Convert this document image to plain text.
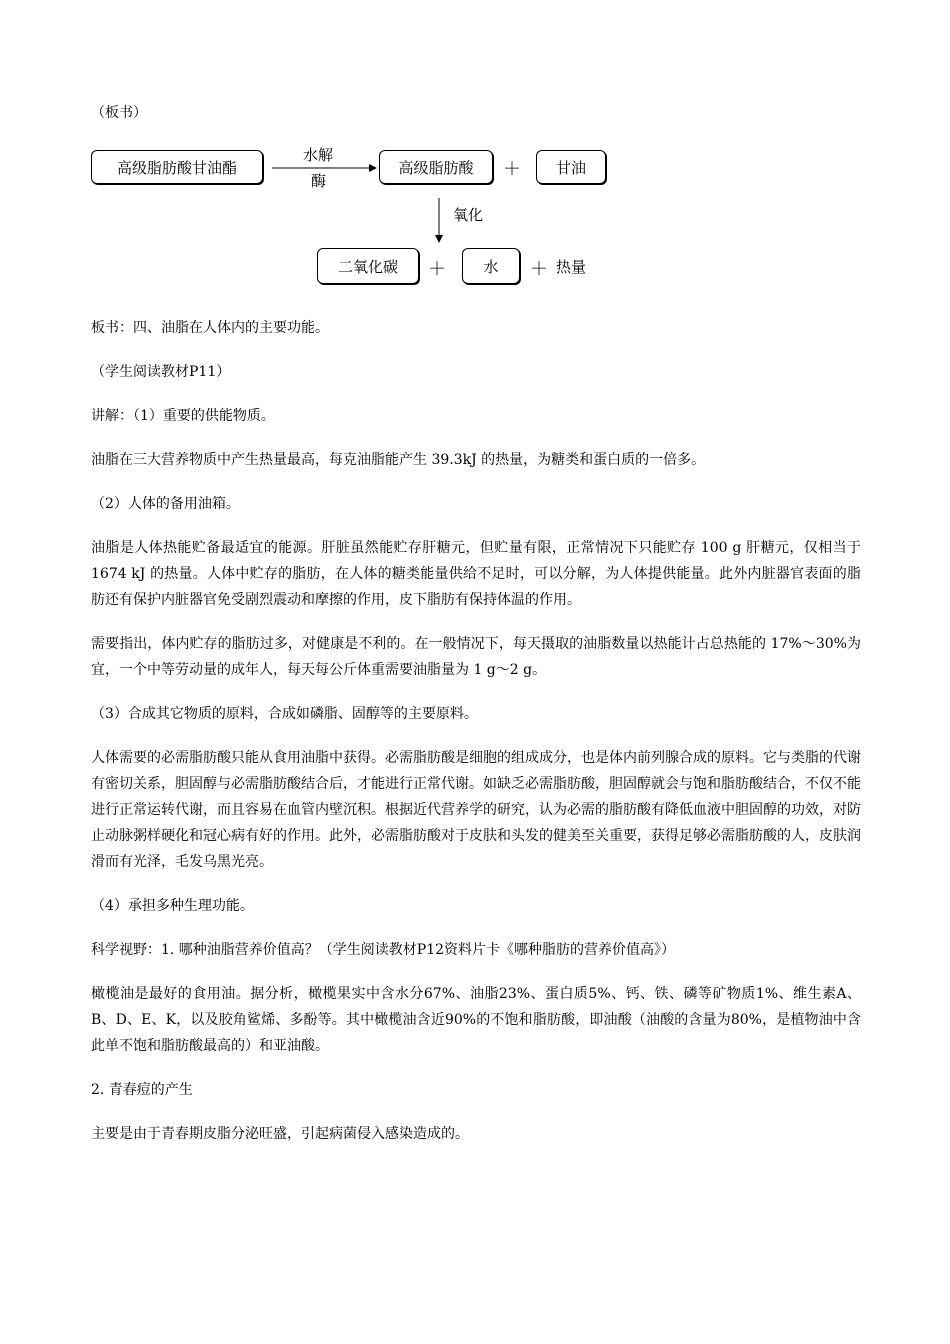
（板书）
高级脂肪酸甘油酯
水解
酶
高级脂肪酸	＋	甘油
氧化
二氧化碳	＋	水	＋ 热量

板书：四、油脂在人体内的主要功能。

（学生阅读教材P11）

讲解：（1）重要的供能物质。

油脂在三大营养物质中产生热量最高，每克油脂能产生 39.3kJ 的热量，为糖类和蛋白质的一倍多。

（2）人体的备用油箱。

油脂是人体热能贮备最适宜的能源。肝脏虽然能贮存肝糖元，但贮量有限，正常情况下只能贮存 100 g 肝糖元，仅相当于 1674 kJ 的热量。人体中贮存的脂肪，在人体的糖类能量供给不足时，可以分解，为人体提供能量。此外内脏器官表面的脂肪还有保护内脏器官免受剧烈震动和摩擦的作用，皮下脂肪有保持体温的作用。

需要指出，体内贮存的脂肪过多，对健康是不利的。在一般情况下，每天摄取的油脂数量以热能计占总热能的 17%～30%为宜，一个中等劳动量的成年人，每天每公斤体重需要油脂量为 1 g～2 g。

（3）合成其它物质的原料，合成如磷脂、固醇等的主要原料。

人体需要的必需脂肪酸只能从食用油脂中获得。必需脂肪酸是细胞的组成成分，也是体内前列腺合成的原料。它与类脂的代谢有密切关系，胆固醇与必需脂肪酸结合后，才能进行正常代谢。如缺乏必需脂肪酸，胆固醇就会与饱和脂肪酸结合，不仅不能进行正常运转代谢，而且容易在血管内壁沉积。根据近代营养学的研究，认为必需的脂肪酸有降低血液中胆固醇的功效，对防止动脉粥样硬化和冠心病有好的作用。此外，必需脂肪酸对于皮肤和头发的健美至关重要，获得足够必需脂肪酸的人，皮肤润滑而有光泽，毛发乌黑光亮。

（4）承担多种生理功能。

科学视野：1. 哪种油脂营养价值高？（学生阅读教材P12资料片卡《哪种脂肪的营养价值高》）

橄榄油是最好的食用油。据分析，橄榄果实中含水分67%、油脂23%、蛋白质5%、钙、铁、磷等矿物质1%、维生素A、B、D、E、K，以及胶角鲨烯、多酚等。其中橄榄油含近90%的不饱和脂肪酸，即油酸（油酸的含量为80%，是植物油中含此单不饱和脂肪酸最高的）和亚油酸。

2. 青春痘的产生

主要是由于青春期皮脂分泌旺盛，引起病菌侵入感染造成的。
